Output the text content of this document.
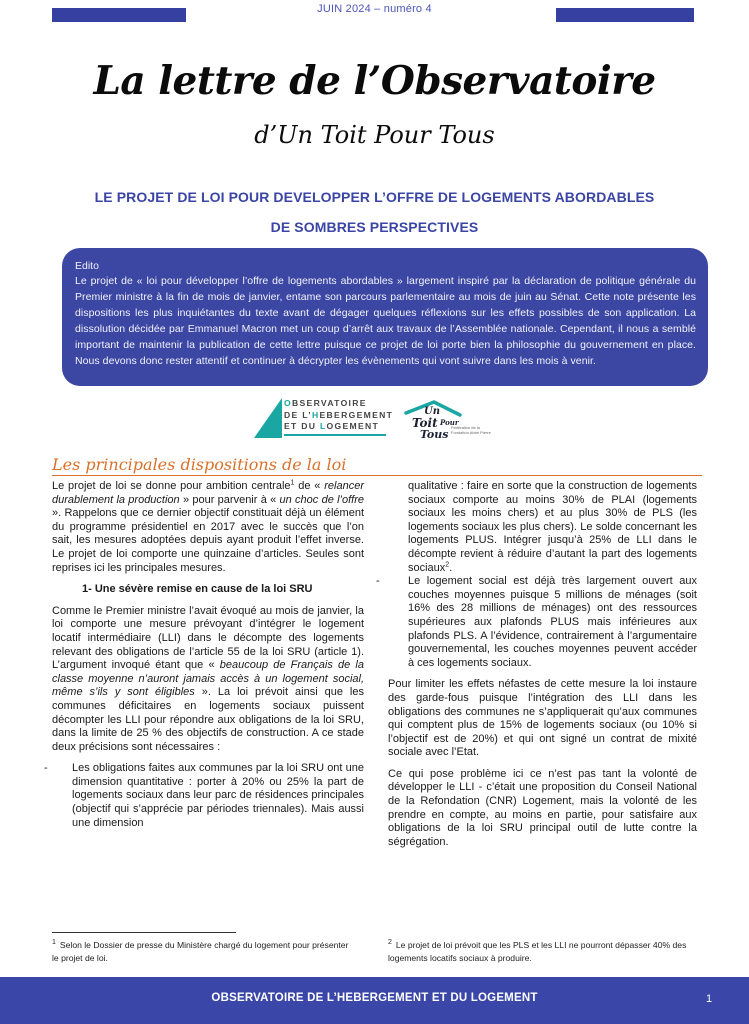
JUIN 2024 – numéro 4
La lettre de l’Observatoire
d’Un Toit Pour Tous
LE PROJET DE LOI POUR DEVELOPPER L’OFFRE DE LOGEMENTS ABORDABLES
DE SOMBRES PERSPECTIVES
Edito
Le projet de « loi pour développer l’offre de logements abordables » largement inspiré par la déclaration de politique générale du Premier ministre à la fin de mois de janvier, entame son parcours parlementaire au mois de juin au Sénat. Cette note présente les dispositions les plus inquiétantes du texte avant de dégager quelques réflexions sur les effets possibles de son application. La dissolution décidée par Emmanuel Macron met un coup d’arrêt aux travaux de l’Assemblée nationale. Cependant, il nous a semblé important de maintenir la publication de cette lettre puisque ce projet de loi porte bien la philosophie du gouvernement en place. Nous devons donc rester attentif et continuer à décrypter les évènements qui vont suivre dans les mois à venir.
OBSERVATOIRE
DE L’HEBERGEMENT
ET DU LOGEMENT
Un
Toit Pour
Tous
Fédération de la Fondation Abbé Pierre
Les principales dispositions de la loi

Le projet de loi se donne pour ambition centrale$^1$ de « relancer durablement la production » pour parvenir à « un choc de l’offre ». Rappelons que ce dernier objectif constituait déjà un élément du programme présidentiel en 2017 avec le succès que l’on sait, les mesures adoptées depuis ayant produit l’effet inverse. Le projet de loi comporte une quinzaine d’articles. Seules sont reprises ici les principales mesures.

1- Une sévère remise en cause de la loi SRU

Comme le Premier ministre l’avait évoqué au mois de janvier, la loi comporte une mesure prévoyant d’intégrer le logement locatif intermédiaire (LLI) dans le décompte des logements relevant des obligations de l’article 55 de la loi SRU (article 1). L’argument invoqué étant que « beaucoup de Français de la classe moyenne n’auront jamais accès à un logement social, même s’ils y sont éligibles ». La loi prévoit ainsi que les communes déficitaires en logements sociaux puissent décompter les LLI pour répondre aux obligations de la loi SRU, dans la limite de 25 % des objectifs de construction. A ce stade deux précisions sont nécessaires :

- Les obligations faites aux communes par la loi SRU ont une dimension quantitative : porter à 20% ou 25% la part de logements sociaux dans leur parc de résidences principales (objectif qui s’apprécie par périodes triennales). Mais aussi une dimension

qualitative : faire en sorte que la construction de logements sociaux comporte au moins 30% de PLAI (logements sociaux les moins chers) et au plus 30% de PLS (les logements sociaux les plus chers). Le solde concernant les logements PLUS. Intégrer jusqu’à 25% de LLI dans le décompte revient à réduire d’autant la part des logements sociaux$^2$.

-	Le logement social est déjà très largement ouvert aux couches moyennes puisque 5 millions de ménages (soit 16% des 28 millions de ménages) ont des ressources supérieures aux plafonds PLUS mais inférieures aux plafonds PLS. A l’évidence, contrairement à l’argumentaire gouvernemental, les couches moyennes peuvent accéder à ces logements sociaux.

Pour limiter les effets néfastes de cette mesure la loi instaure des garde-fous puisque l’intégration des LLI dans les obligations des communes ne s’appliquerait qu’aux communes qui comptent plus de 15% de logements sociaux (ou 10% si l’objectif est de 20%) et qui ont signé un contrat de mixité sociale avec l’Etat.

Ce qui pose problème ici ce n’est pas tant la volonté de développer le LLI - c’était une proposition du Conseil National de la Refondation (CNR) Logement, mais la volonté de les prendre en compte, au moins en partie, pour satisfaire aux obligations de la loi SRU principal outil de lutte contre la ségrégation.

$^1$ Selon le Dossier de presse du Ministère chargé du logement pour présenter le projet de loi.
$^2$ Le projet de loi prévoit que les PLS et les LLI ne pourront dépasser 40% des logements locatifs sociaux à produire.
OBSERVATOIRE DE L’HEBERGEMENT ET DU LOGEMENT	1
